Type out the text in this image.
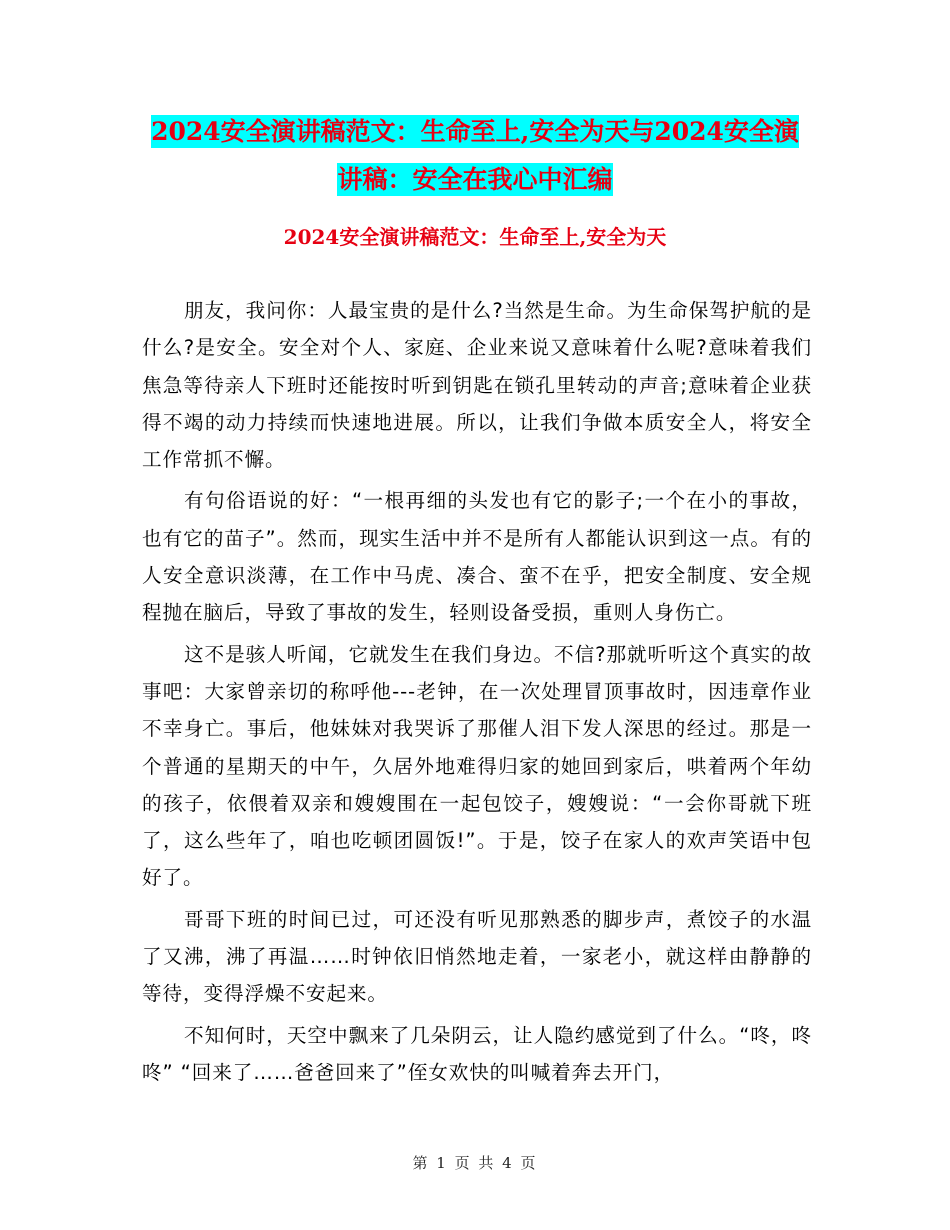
2024安全演讲稿范文：生命至上,安全为天与2024安全演讲稿：安全在我心中汇编
2024安全演讲稿范文：生命至上,安全为天

朋友，我问你：人最宝贵的是什么?当然是生命。为生命保驾护航的是什么?是安全。安全对个人、家庭、企业来说又意味着什么呢?意味着我们焦急等待亲人下班时还能按时听到钥匙在锁孔里转动的声音;意味着企业获得不竭的动力持续而快速地进展。所以，让我们争做本质安全人，将安全工作常抓不懈。

有句俗语说的好：“一根再细的头发也有它的影子;一个在小的事故，也有它的苗子”。然而，现实生活中并不是所有人都能认识到这一点。有的人安全意识淡薄，在工作中马虎、凑合、蛮不在乎，把安全制度、安全规程抛在脑后，导致了事故的发生，轻则设备受损，重则人身伤亡。

这不是骇人听闻，它就发生在我们身边。不信?那就听听这个真实的故事吧：大家曾亲切的称呼他---老钟，在一次处理冒顶事故时，因违章作业不幸身亡。事后，他妹妹对我哭诉了那催人泪下发人深思的经过。那是一个普通的星期天的中午，久居外地难得归家的她回到家后，哄着两个年幼的孩子，依偎着双亲和嫂嫂围在一起包饺子，嫂嫂说：“一会你哥就下班了，这么些年了，咱也吃顿团圆饭!”。于是，饺子在家人的欢声笑语中包好了。

哥哥下班的时间已过，可还没有听见那熟悉的脚步声，煮饺子的水温了又沸，沸了再温……时钟依旧悄然地走着，一家老小，就这样由静静的等待，变得浮燥不安起来。

不知何时，天空中飘来了几朵阴云，让人隐约感觉到了什么。“咚，咚咚” “回来了……爸爸回来了”侄女欢快的叫喊着奔去开门，

第 1 页 共 4 页
